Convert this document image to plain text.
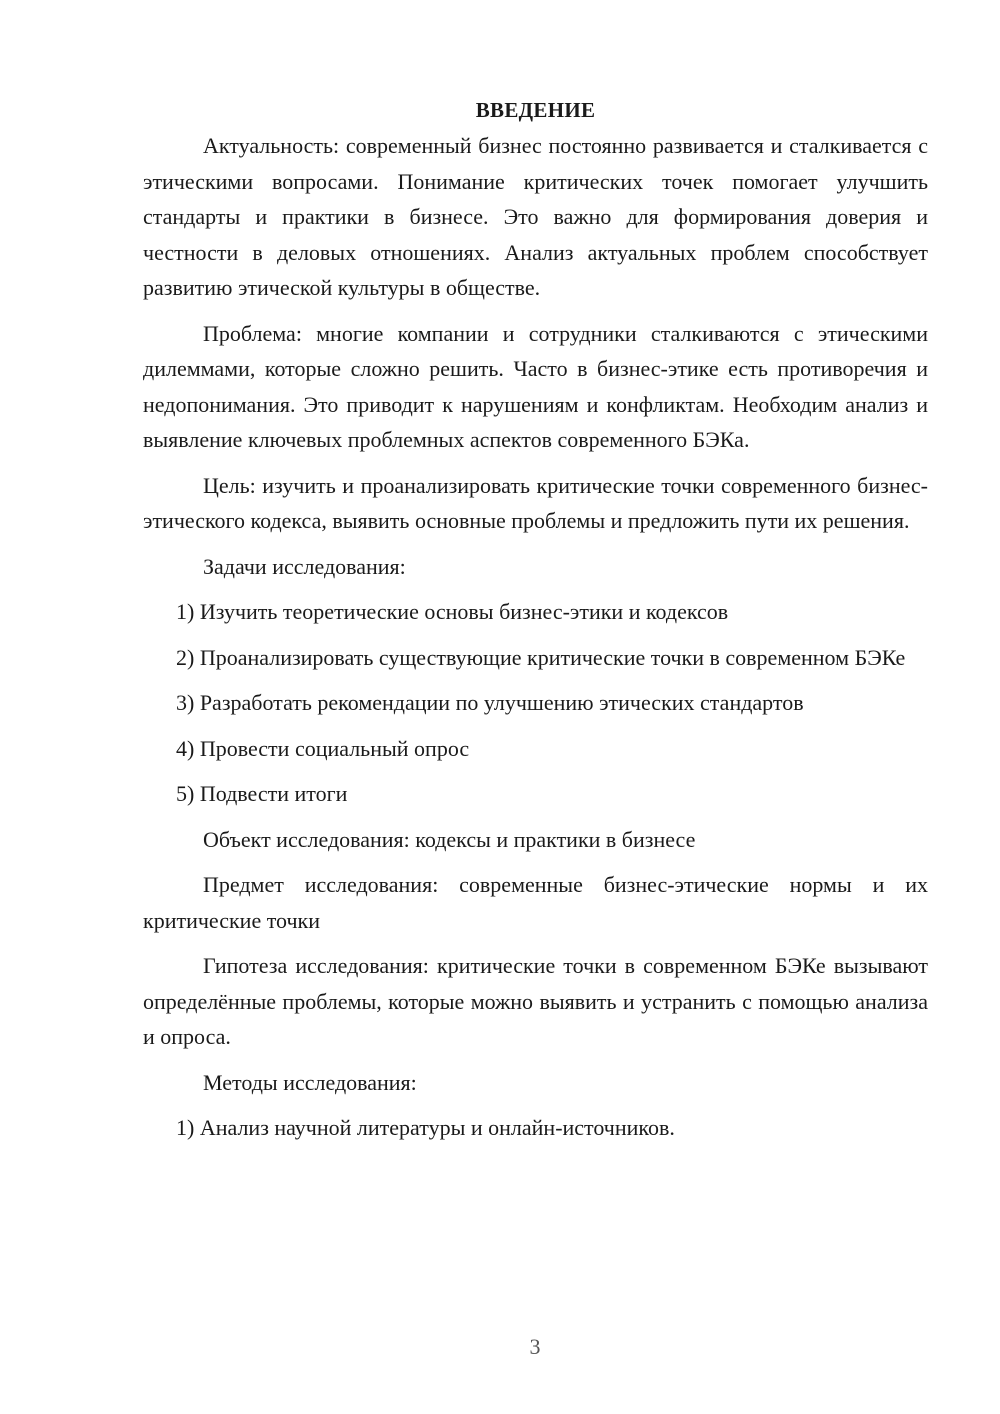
ВВЕДЕНИЕ

Актуальность: современный бизнес постоянно развивается и сталкивается с этическими вопросами. Понимание критических точек помогает улучшить стандарты и практики в бизнесе. Это важно для формирования доверия и честности в деловых отношениях. Анализ актуальных проблем способствует развитию этической культуры в обществе.

Проблема: многие компании и сотрудники сталкиваются с этическими дилеммами, которые сложно решить. Часто в бизнес-этике есть противоречия и недопонимания. Это приводит к нарушениям и конфликтам. Необходим анализ и выявление ключевых проблемных аспектов современного БЭКа.

Цель: изучить и проанализировать критические точки современного бизнес-этического кодекса, выявить основные проблемы и предложить пути их решения.

Задачи исследования:

1) Изучить теоретические основы бизнес-этики и кодексов

2) Проанализировать существующие критические точки в современном БЭКе

3) Разработать рекомендации по улучшению этических стандартов

4) Провести социальный опрос

5) Подвести итоги

Объект исследования: кодексы и практики в бизнесе

Предмет исследования: современные бизнес-этические нормы и их критические точки

Гипотеза исследования: критические точки в современном БЭКе вызывают определённые проблемы, которые можно выявить и устранить с помощью анализа и опроса.

Методы исследования:

1) Анализ научной литературы и онлайн-источников.

3
